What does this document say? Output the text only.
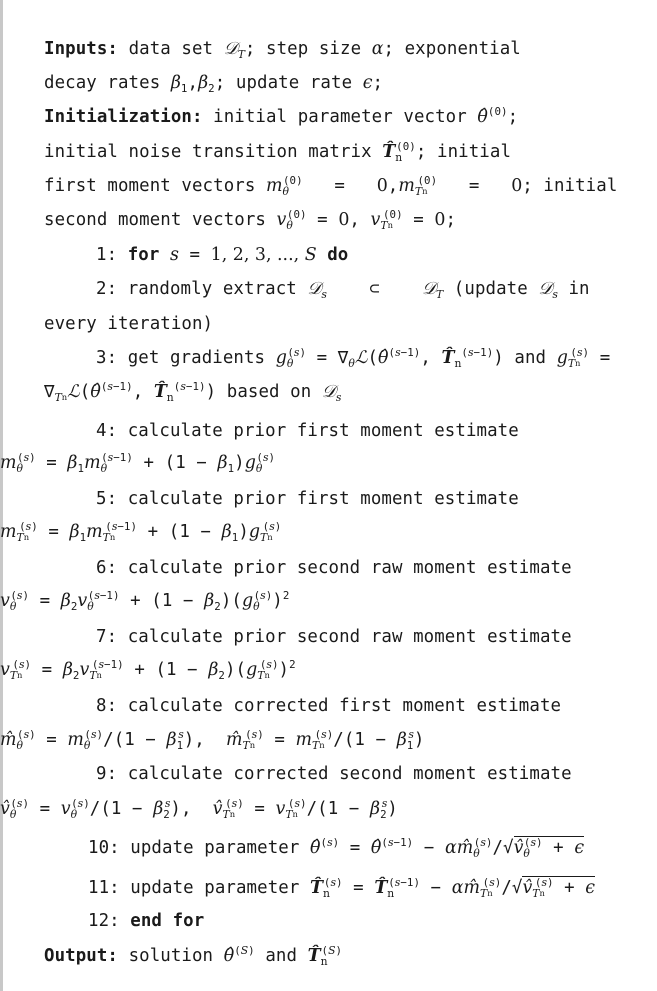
Inputs: data set 𝒟$_T$; step size α; exponential
decay rates $\beta_1,\beta_2$; update rate ϵ;
Initialization: initial parameter vector θ̂$^{(0)}$;
initial noise transition matrix $T̂_n^{(0)}$; initial
first moment vectors $m_\theta^{(0)} = 0,m_{Tn}^{(0)} = 0$; initial
second moment vectors $v_\theta^{(0)} = 0$, $v_{Tn}^{(0)} = 0$;
1: for s = 1, 2, 3, ..., S do
2: randomly extract 𝒟$_s$    ⊂    𝒟$_T$ (update 𝒟$_s$ in
every iteration)
3: get gradients $g_\theta^{(s)}$ = $\nabla_\theta ℒ(\thetâ^{(s-1)}$, $T̂_n^{(s-1)}$) and $g_{Tn}^{(s)}$ =
$\nabla_{Tn}ℒ(\thetâ^{(s-1)}$, $T̂_n^{(s-1)}$) based on 𝒟$_s$
4: calculate prior first moment estimate
$m_\theta^{(s)} = \beta_1m_\theta^{(s-1)} + (1 - \beta_1)g_\theta^{(s)}$
5: calculate prior first moment estimate
$m_{Tn}^{(s)} = \beta_1m_{Tn}^{(s-1)} + (1 - \beta_1)g_{Tn}^{(s)}$
6: calculate prior second raw moment estimate
$v_\theta^{(s)} = \beta_2v_\theta^{(s-1)} + (1 - \beta_2)(g_\theta^{(s)})^2$
7: calculate prior second raw moment estimate
$v_{Tn}^{(s)} = \beta_2v_{Tn}^{(s-1)} + (1 - \beta_2)(g_{Tn}^{(s)})^2$
8: calculate corrected first moment estimate
$m̂_\theta^{(s)} = m_\theta^{(s)}/(1 - \beta_1^s)$,  $m̂_{Tn}^{(s)} = m_{Tn}^{(s)}/(1 - \beta_1^s)$
9: calculate corrected second moment estimate
$v̂_\theta^{(s)} = v_\theta^{(s)}/(1 - \beta_2^s)$,  $v̂_{Tn}^{(s)} = v_{Tn}^{(s)}/(1 - \beta_2^s)$
10: update parameter θ̂$^{(s)}$ = θ̂$^{(s-1)}$ − $\alpha m̂_\theta^{(s)}/√v̂_\theta^{(s)} + \epsilon$
11: update parameter $T̂_n^{(s)}$ = $T̂_n^{(s-1)}$ − $\alpha m̂_{Tn}^{(s)}/√v̂_{Tn}^{(s)} + \epsilon$
12: end for
Output: solution θ̂$^{(S)}$ and $T̂_n^{(S)}$
